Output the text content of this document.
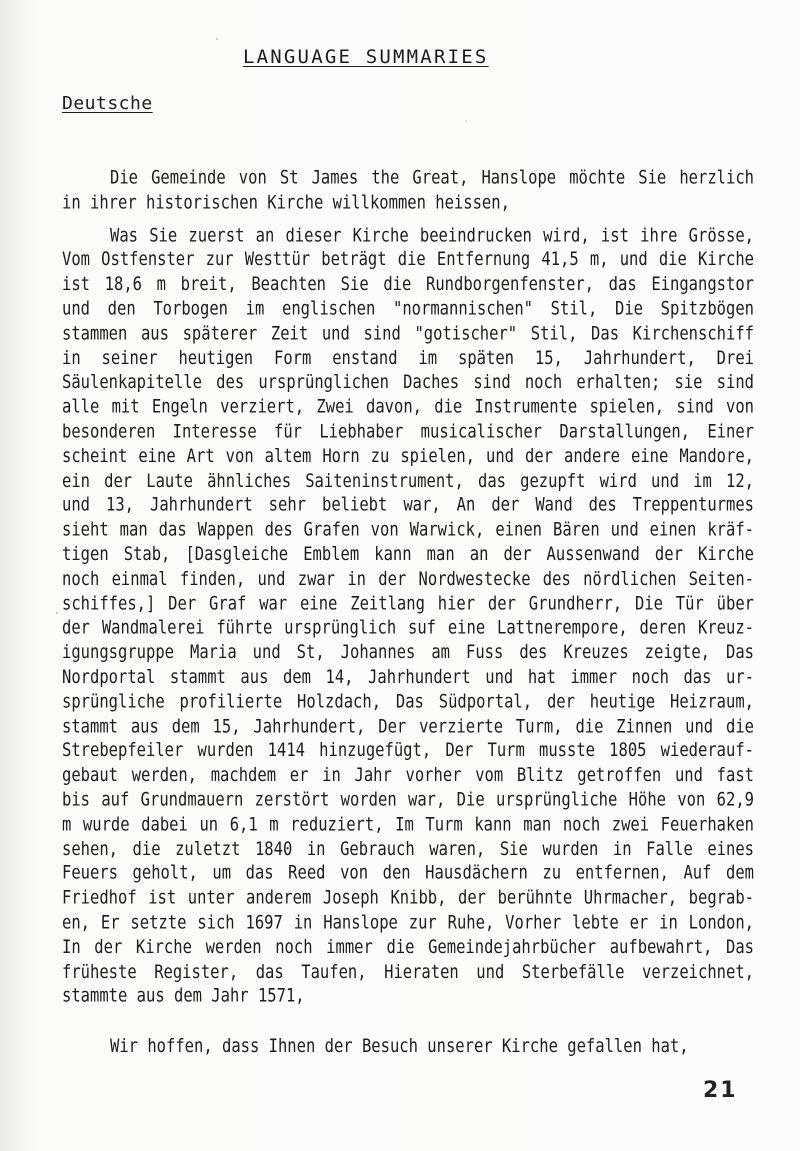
LANGUAGE SUMMARIES
Deutsche
Die Gemeinde von St James the Great, Hanslope möchte Sie herzlich
in ihrer historischen Kirche willkommen heissen,
Was Sie zuerst an dieser Kirche beeindrucken wird, ist ihre Grösse,
Vom Ostfenster zur Westtür beträgt die Entfernung 41,5 m, und die Kirche
ist 18,6 m breit, Beachten Sie die Rundborgenfenster, das Eingangstor
und den Torbogen im englischen "normannischen" Stil, Die Spitzbögen
stammen aus späterer Zeit und sind "gotischer" Stil, Das Kirchenschiff
in seiner heutigen Form enstand im späten 15, Jahrhundert, Drei
Säulenkapitelle des ursprünglichen Daches sind noch erhalten; sie sind
alle mit Engeln verziert, Zwei davon, die Instrumente spielen, sind von
besonderen Interesse für Liebhaber musicalischer Darstallungen, Einer
scheint eine Art von altem Horn zu spielen, und der andere eine Mandore,
ein der Laute ähnliches Saiteninstrument, das gezupft wird und im 12,
und 13, Jahrhundert sehr beliebt war, An der Wand des Treppenturmes
sieht man das Wappen des Grafen von Warwick, einen Bären und einen kräf-
tigen Stab, [Dasgleiche Emblem kann man an der Aussenwand der Kirche
noch einmal finden, und zwar in der Nordwestecke des nördlichen Seiten-
schiffes,] Der Graf war eine Zeitlang hier der Grundherr, Die Tür über
der Wandmalerei führte ursprünglich suf eine Lattnerempore, deren Kreuz-
igungsgruppe Maria und St, Johannes am Fuss des Kreuzes zeigte, Das
Nordportal stammt aus dem 14, Jahrhundert und hat immer noch das ur-
sprüngliche profilierte Holzdach, Das Südportal, der heutige Heizraum,
stammt aus dem 15, Jahrhundert, Der verzierte Turm, die Zinnen und die
Strebepfeiler wurden 1414 hinzugefügt, Der Turm musste 1805 wiederauf-
gebaut werden, machdem er in Jahr vorher vom Blitz getroffen und fast
bis auf Grundmauern zerstört worden war, Die ursprüngliche Höhe von 62,9
m wurde dabei un 6,1 m reduziert, Im Turm kann man noch zwei Feuerhaken
sehen, die zuletzt 1840 in Gebrauch waren, Sie wurden in Falle eines
Feuers geholt, um das Reed von den Hausdächern zu entfernen, Auf dem
Friedhof ist unter anderem Joseph Knibb, der berühnte Uhrmacher, begrab-
en, Er setzte sich 1697 in Hanslope zur Ruhe, Vorher lebte er in London,
In der Kirche werden noch immer die Gemeindejahrbücher aufbewahrt, Das
früheste Register, das Taufen, Hieraten und Sterbefälle verzeichnet,
stammte aus dem Jahr 1571,
Wir hoffen, dass Ihnen der Besuch unserer Kirche gefallen hat,
21
